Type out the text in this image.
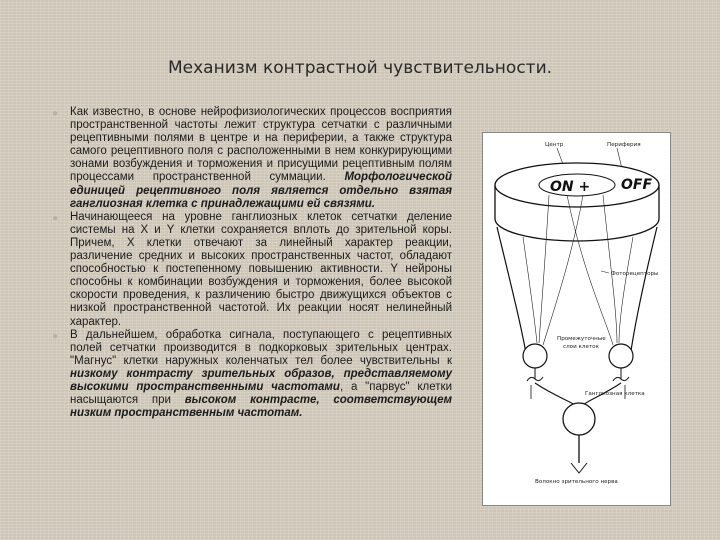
Механизм контрастной чувствительности.
● Как известно, в основе нейрофизиологических процессов восприятия пространственной частоты лежит структура сетчатки с различными рецептивными полями в центре и на периферии, а также структура самого рецептивного поля с расположенными в нем конкурирующими зонами возбуждения и торможения и присущими рецептивным полям процессами пространственной суммации. Морфологической единицей рецептивного поля является отдельно взятая ганглиозная клетка с принадлежащими ей связями.
● Начинающееся на уровне ганглиозных клеток сетчатки деление системы на X и Y клетки сохраняется вплоть до зрительной коры. Причем, X клетки отвечают за линейный характер реакции, различение средних и высоких пространственных частот, обладают способностью к постепенному повышению активности. Y нейроны способны к комбинации возбуждения и торможения, более высокой скорости проведения, к различению быстро движущихся объектов с низкой пространственной частотой. Их реакции носят нелинейный характер.
● В дальнейшем, обработка сигнала, поступающего с рецептивных полей сетчатки производится в подкорковых зрительных центрах. "Магнус" клетки наружных коленчатых тел более чувствительны к низкому контрасту зрительных образов, представляемому высокими пространственными частотами, а "парвус" клетки насыщаются при высоком контрасте, соответствующем низким пространственным частотам.
Центр	Периферия
ON + OFF
Фоторецепторы
Промежуточные
слои клеток
Ганглиозная клетка
Волокно зрительного нерва
